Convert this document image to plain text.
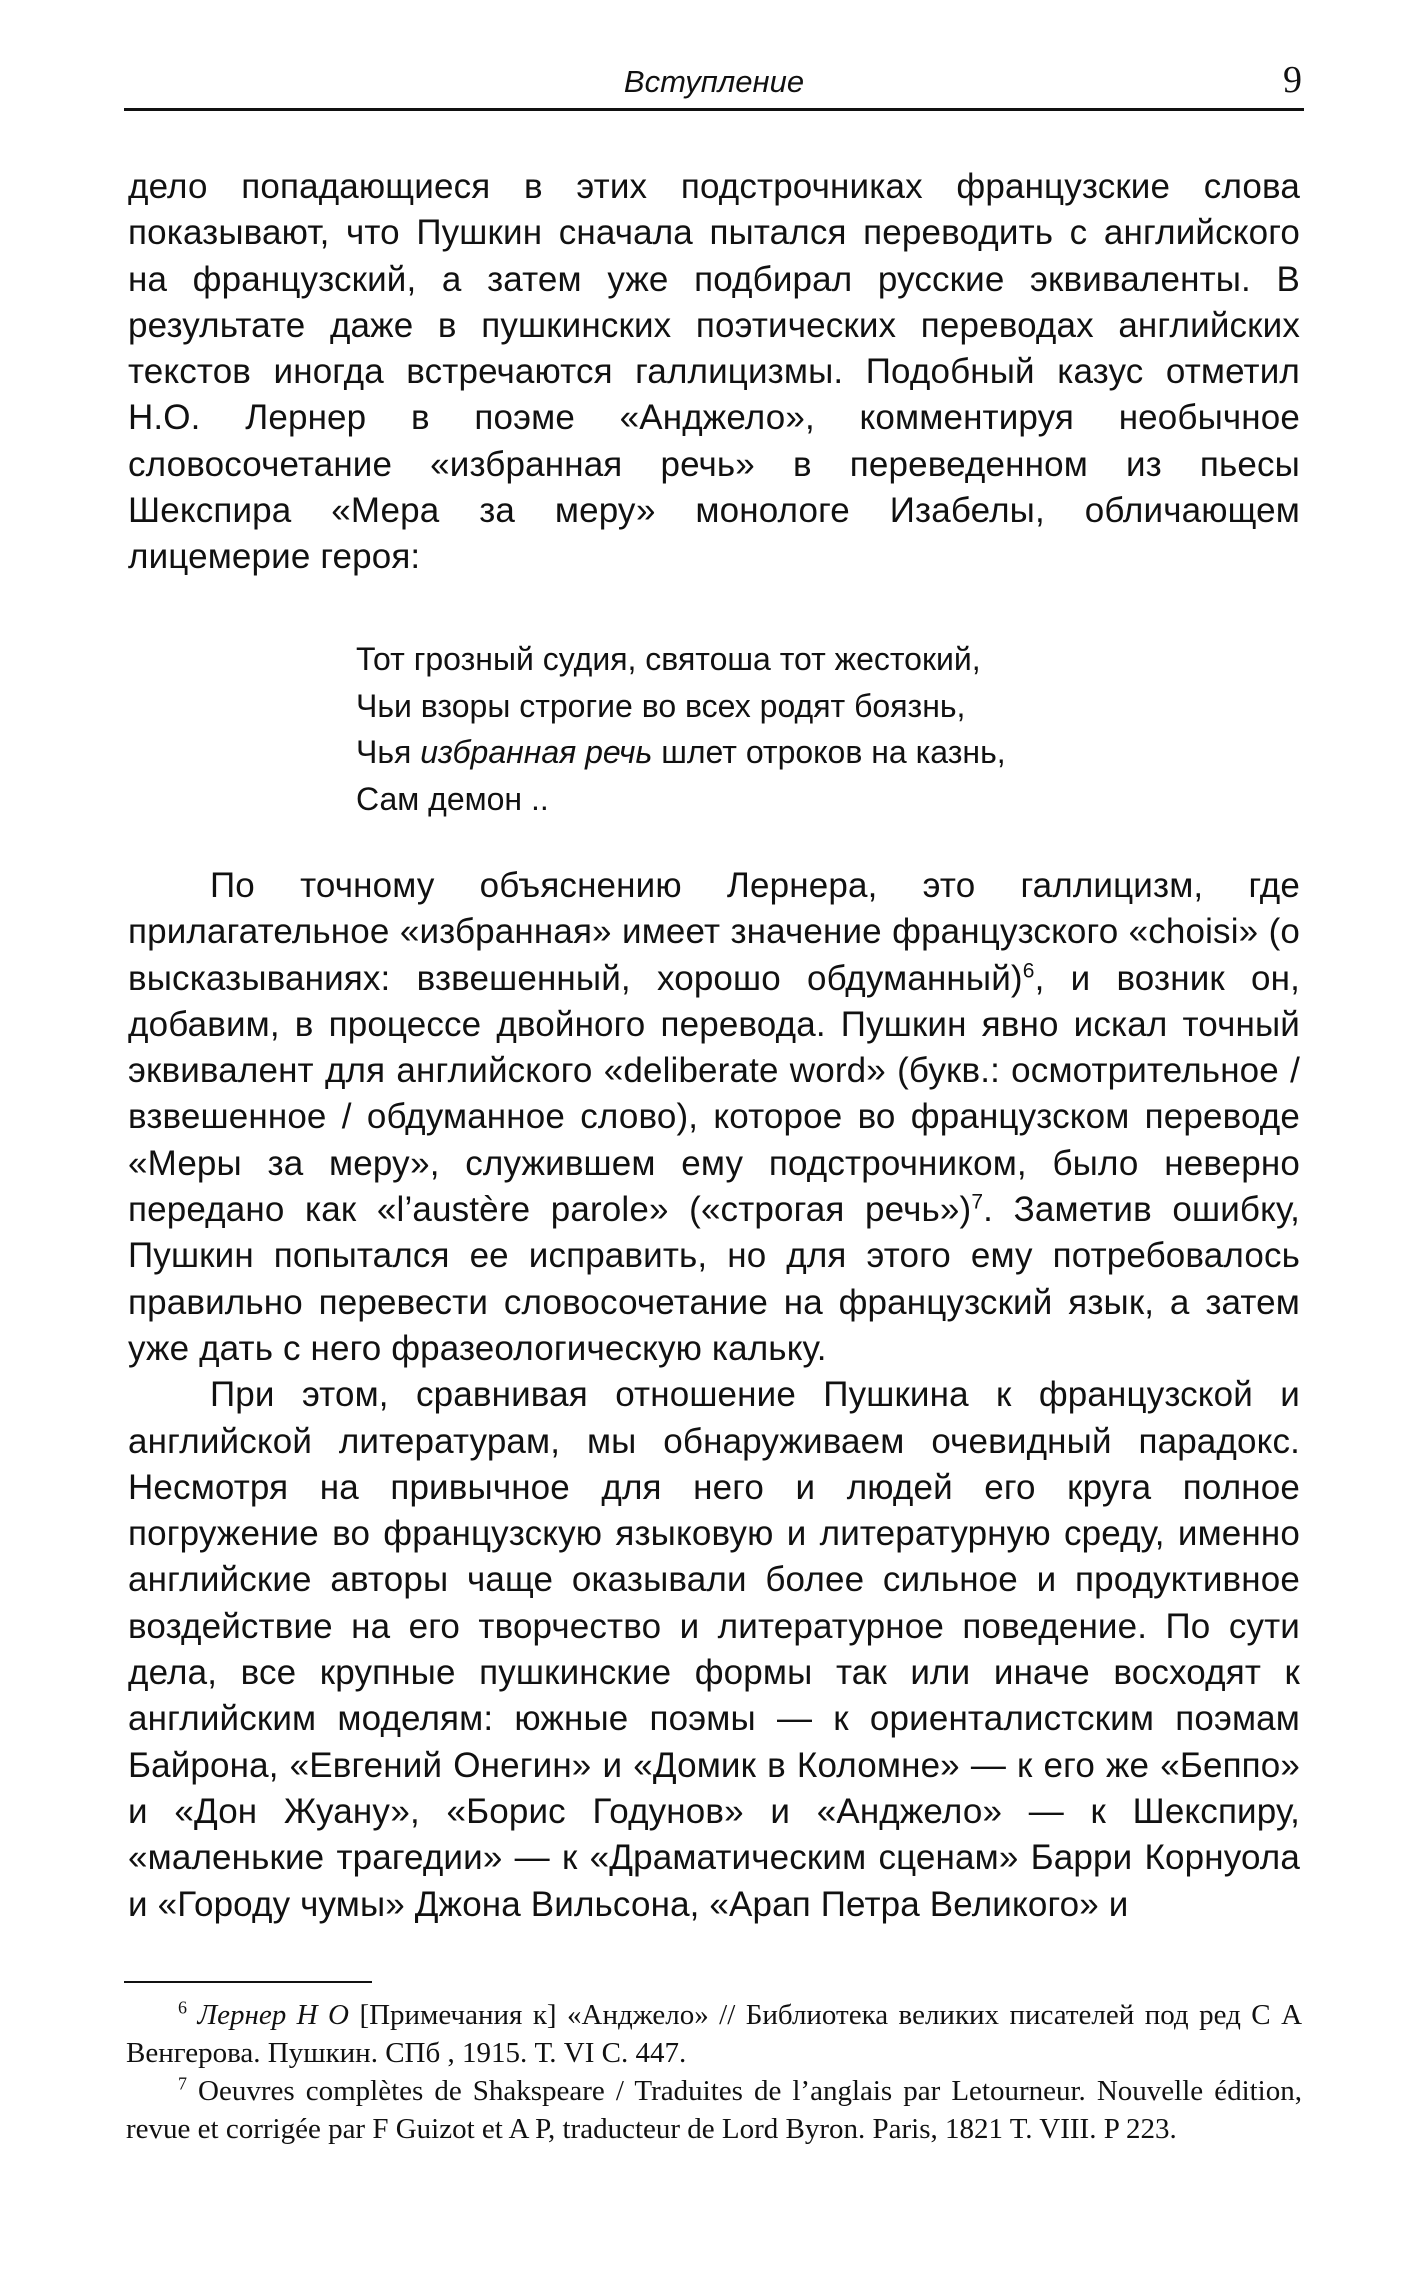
Вступление	9

дело попадающиеся в этих подстрочниках французские слова показывают, что Пушкин сначала пытался переводить с английского на французский, а затем уже подбирал русские эквиваленты. В результате даже в пушкинских поэтических переводах английских текстов иногда встречаются галлицизмы. Подобный казус отметил Н.О. Лернер в поэме «Анджело», комментируя необычное словосочетание «избранная речь» в переведенном из пьесы Шекспира «Мера за меру» монологе Изабелы, обличающем лицемерие героя:

Тот грозный судия, святоша тот жестокий,
Чьи взоры строгие во всех родят боязнь,
Чья избранная речь шлет отроков на казнь,
Сам демон ..

По точному объяснению Лернера, это галлицизм, где прилагательное «избранная» имеет значение французского «choisi» (о высказываниях: взвешенный, хорошо обдуманный)$^6$, и возник он, добавим, в процессе двойного перевода. Пушкин явно искал точный эквивалент для английского «deliberate word» (букв.: осмотрительное / взвешенное / обдуманное слово), которое во французском переводе «Меры за меру», служившем ему подстрочником, было неверно передано как «l’austère parole» («строгая речь»)$^7$. Заметив ошибку, Пушкин попытался ее исправить, но для этого ему потребовалось правильно перевести словосочетание на французский язык, а затем уже дать с него фразеологическую кальку.

При этом, сравнивая отношение Пушкина к французской и английской литературам, мы обнаруживаем очевидный парадокс. Несмотря на привычное для него и людей его круга полное погружение во французскую языковую и литературную среду, именно английские авторы чаще оказывали более сильное и продуктивное воздействие на его творчество и литературное поведение. По сути дела, все крупные пушкинские формы так или иначе восходят к английским моделям: южные поэмы — к ориенталистским поэмам Байрона, «Евгений Онегин» и «Домик в Коломне» — к его же «Беппо» и «Дон Жуану», «Борис Годунов» и «Анджело» — к Шекспиру, «маленькие трагедии» — к «Драматическим сценам» Барри Корнуола и «Городу чумы» Джона Вильсона, «Арап Петра Великого» и

$^6$ Лернер Н О [Примечания к] «Анджело» // Библиотека великих писателей под ред С А Венгерова. Пушкин. СПб , 1915. Т. VI С. 447.

$^7$ Oeuvres complètes de Shakspeare / Traduites de l’anglais par Letourneur. Nouvelle édition, revue et corrigée par F Guizot et A P, traducteur de Lord Byron. Paris, 1821 T. VIII. P 223.
